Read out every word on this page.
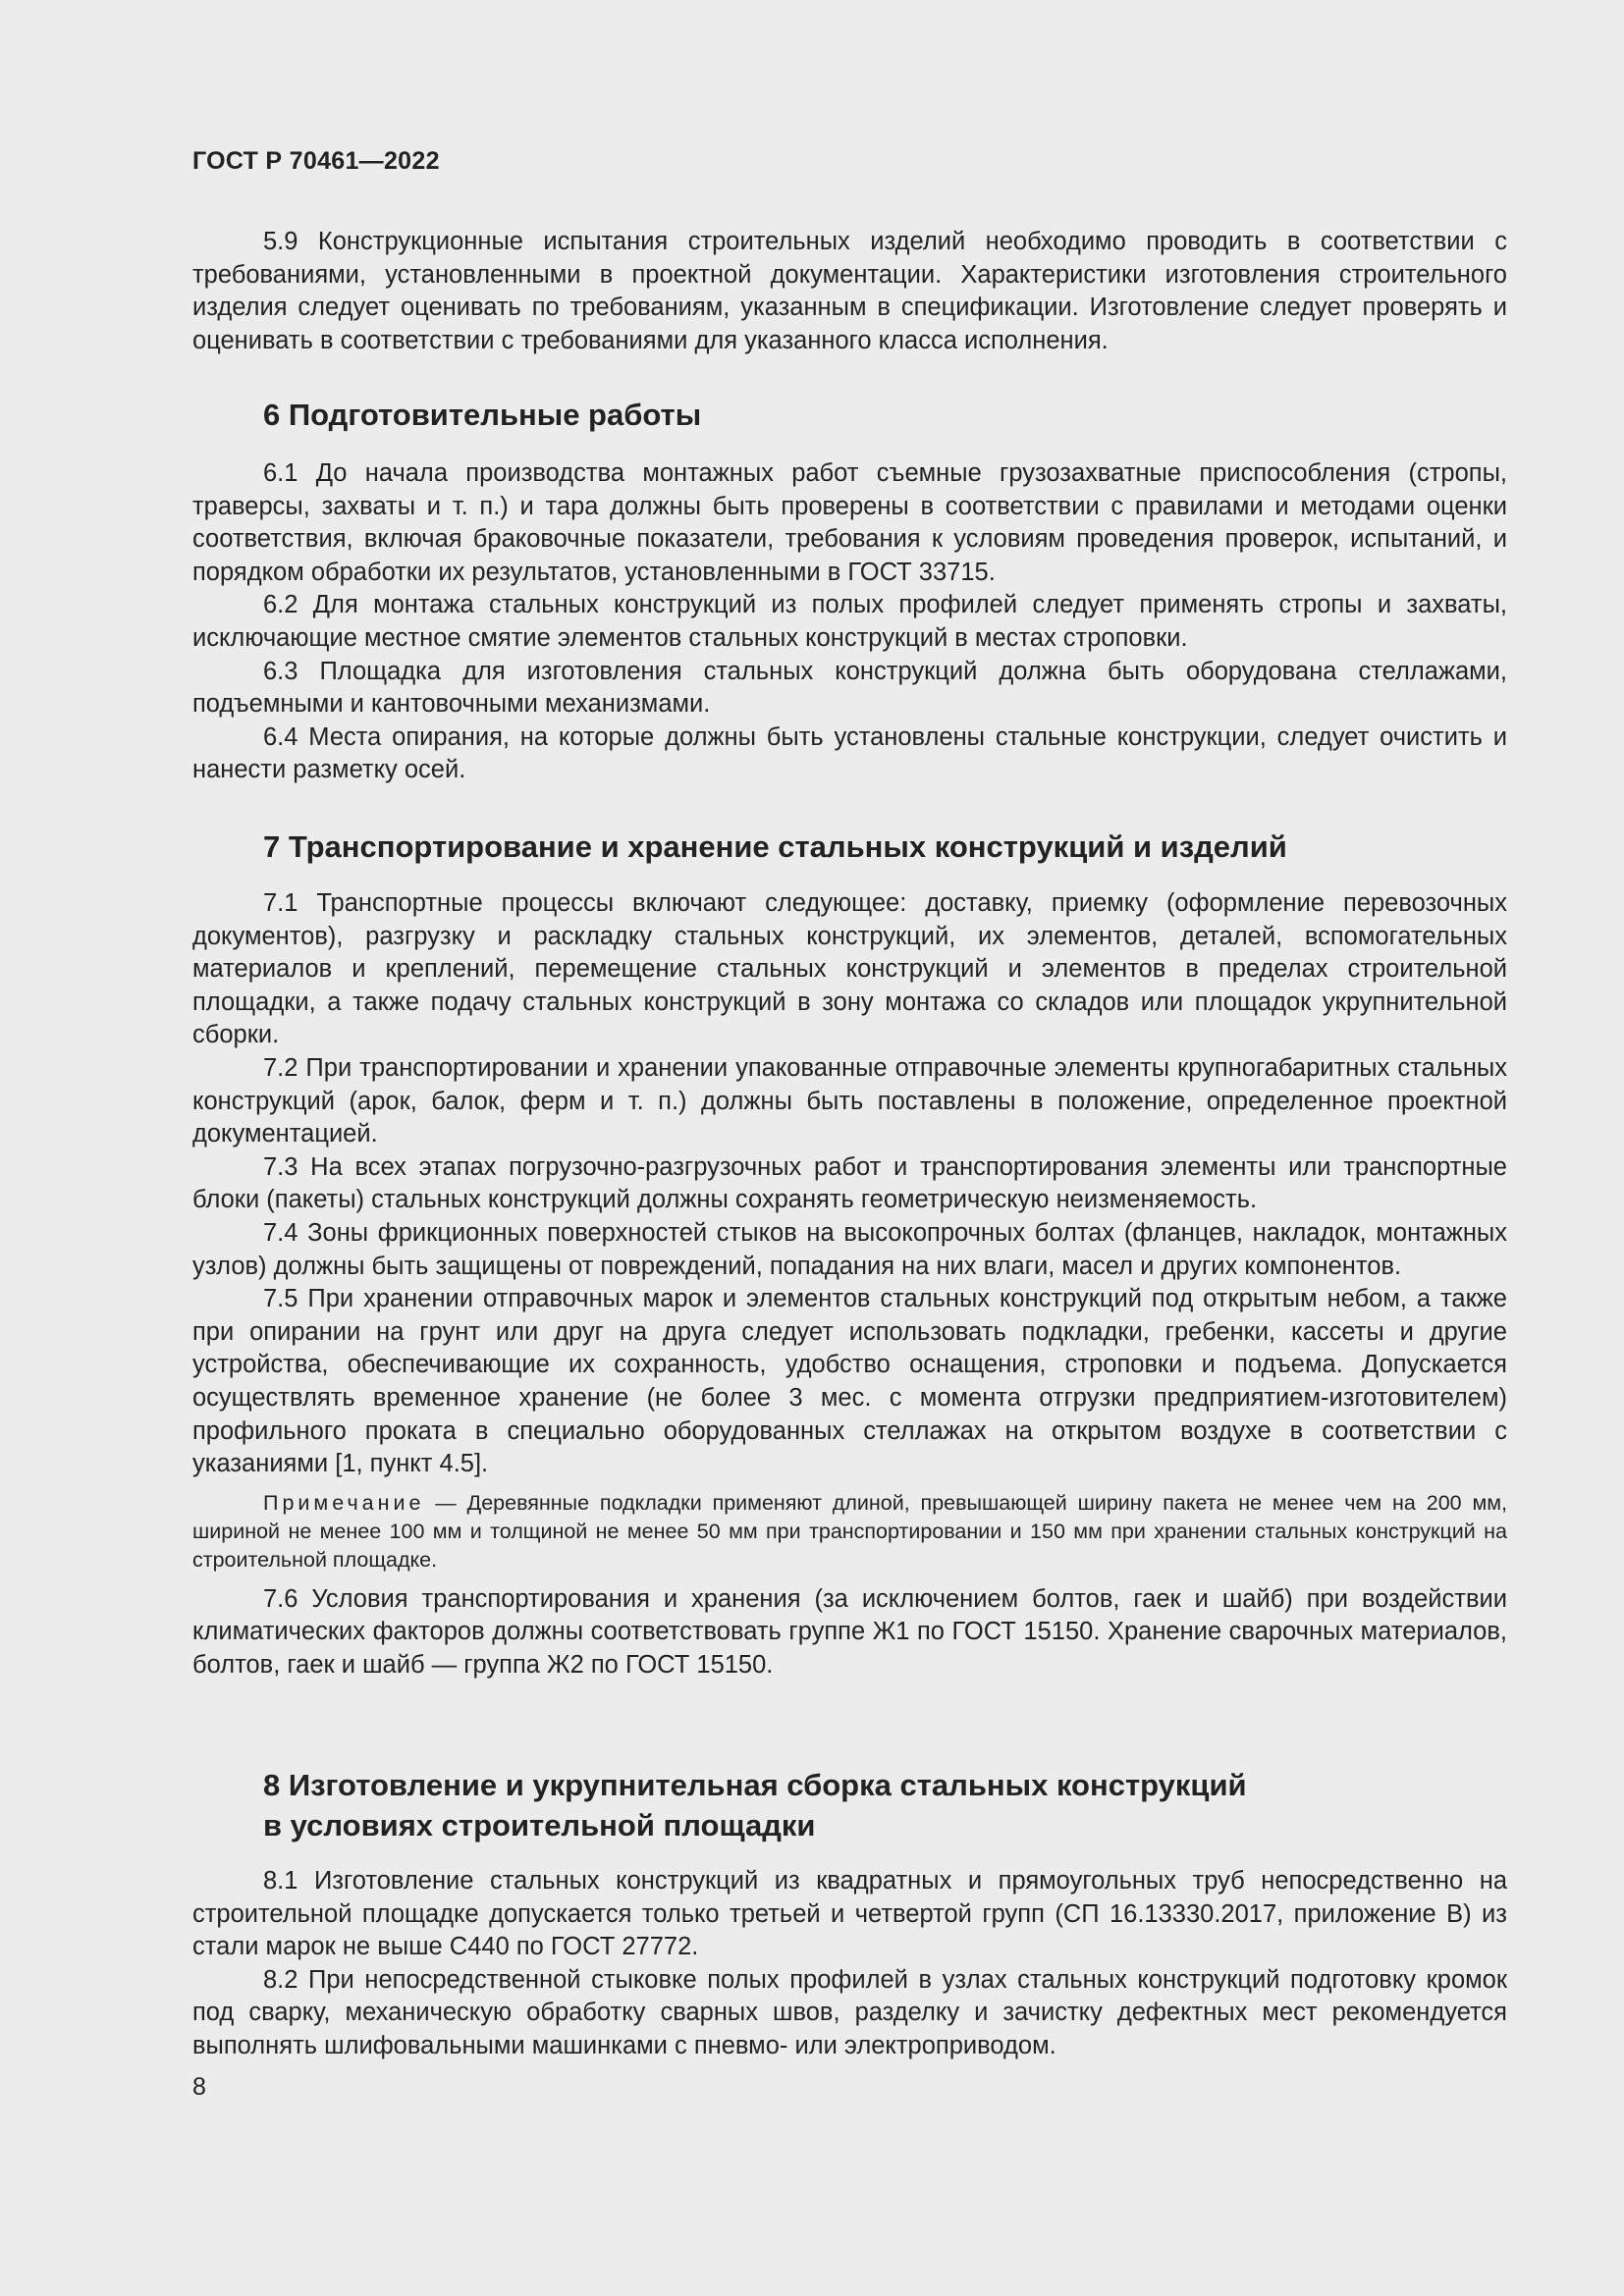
ГОСТ Р 70461—2022

5.9 Конструкционные испытания строительных изделий необходимо проводить в соответствии с требованиями, установленными в проектной документации. Характеристики изготовления строительного изделия следует оценивать по требованиям, указанным в спецификации. Изготовление следует проверять и оценивать в соответствии с требованиями для указанного класса исполнения.

6 Подготовительные работы

6.1 До начала производства монтажных работ съемные грузозахватные приспособления (стропы, траверсы, захваты и т. п.) и тара должны быть проверены в соответствии с правилами и методами оценки соответствия, включая браковочные показатели, требования к условиям проведения проверок, испытаний, и порядком обработки их результатов, установленными в ГОСТ 33715.

6.2 Для монтажа стальных конструкций из полых профилей следует применять стропы и захваты, исключающие местное смятие элементов стальных конструкций в местах строповки.

6.3 Площадка для изготовления стальных конструкций должна быть оборудована стеллажами, подъемными и кантовочными механизмами.

6.4 Места опирания, на которые должны быть установлены стальные конструкции, следует очистить и нанести разметку осей.

7 Транспортирование и хранение стальных конструкций и изделий

7.1 Транспортные процессы включают следующее: доставку, приемку (оформление перевозочных документов), разгрузку и раскладку стальных конструкций, их элементов, деталей, вспомогательных материалов и креплений, перемещение стальных конструкций и элементов в пределах строительной площадки, а также подачу стальных конструкций в зону монтажа со складов или площадок укрупнительной сборки.

7.2 При транспортировании и хранении упакованные отправочные элементы крупногабаритных стальных конструкций (арок, балок, ферм и т. п.) должны быть поставлены в положение, определенное проектной документацией.

7.3 На всех этапах погрузочно-разгрузочных работ и транспортирования элементы или транспортные блоки (пакеты) стальных конструкций должны сохранять геометрическую неизменяемость.

7.4 Зоны фрикционных поверхностей стыков на высокопрочных болтах (фланцев, накладок, монтажных узлов) должны быть защищены от повреждений, попадания на них влаги, масел и других компонентов.

7.5 При хранении отправочных марок и элементов стальных конструкций под открытым небом, а также при опирании на грунт или друг на друга следует использовать подкладки, гребенки, кассеты и другие устройства, обеспечивающие их сохранность, удобство оснащения, строповки и подъема. Допускается осуществлять временное хранение (не более 3 мес. с момента отгрузки предприятием-изготовителем) профильного проката в специально оборудованных стеллажах на открытом воздухе в соответствии с указаниями [1, пункт 4.5].

Примечание — Деревянные подкладки применяют длиной, превышающей ширину пакета не менее чем на 200 мм, шириной не менее 100 мм и толщиной не менее 50 мм при транспортировании и 150 мм при хранении стальных конструкций на строительной площадке.

7.6 Условия транспортирования и хранения (за исключением болтов, гаек и шайб) при воздействии климатических факторов должны соответствовать группе Ж1 по ГОСТ 15150. Хранение сварочных материалов, болтов, гаек и шайб — группа Ж2 по ГОСТ 15150.

8 Изготовление и укрупнительная сборка стальных конструкций
в условиях строительной площадки

8.1 Изготовление стальных конструкций из квадратных и прямоугольных труб непосредственно на строительной площадке допускается только третьей и четвертой групп (СП 16.13330.2017, приложение В) из стали марок не выше С440 по ГОСТ 27772.

8.2 При непосредственной стыковке полых профилей в узлах стальных конструкций подготовку кромок под сварку, механическую обработку сварных швов, разделку и зачистку дефектных мест рекомендуется выполнять шлифовальными машинками с пневмо- или электроприводом.

8
